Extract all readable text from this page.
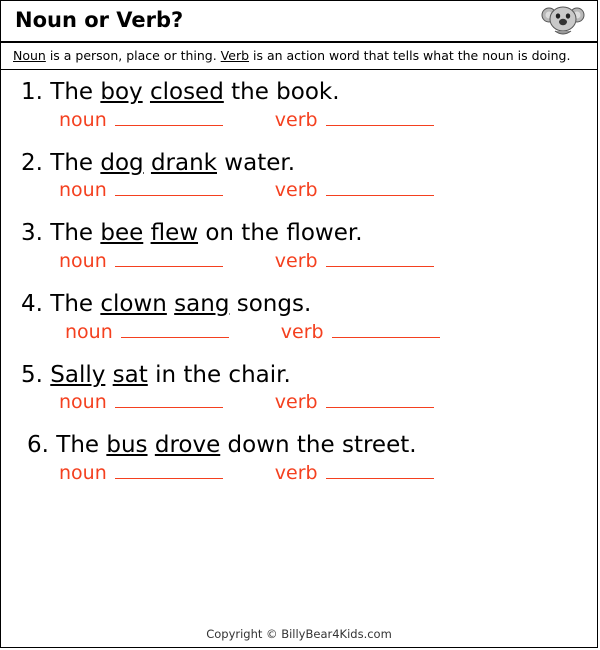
Noun or Verb?
Noun is a person, place or thing. Verb is an action word that tells what the noun is doing.
1. The boy closed the book.
noun	verb
2. The dog drank water.
noun	verb
3. The bee flew on the flower.
noun	verb
4. The clown sang songs.
noun	verb
5. Sally sat in the chair.
noun	verb
6. The bus drove down the street.
noun	verb
Copyright © BillyBear4Kids.com
